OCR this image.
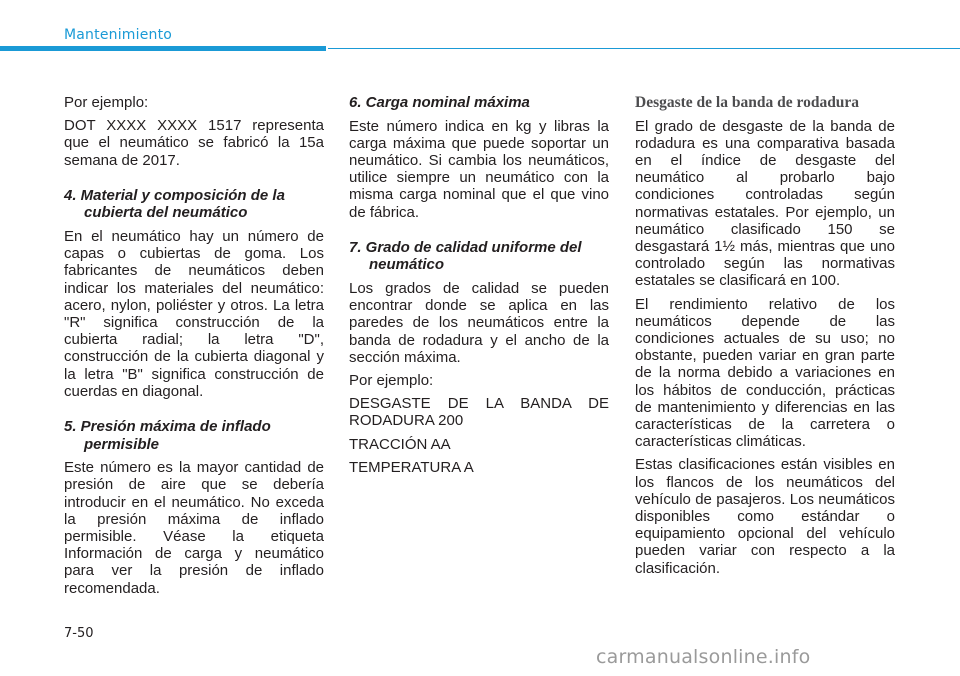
Mantenimiento

Por ejemplo:

DOT XXXX XXXX 1517 representa que el neumático se fabricó la 15a semana de 2017.

4. Material y composición de la cubierta del neumático

En el neumático hay un número de capas o cubiertas de goma. Los fabricantes de neumáticos deben indicar los materiales del neumático: acero, nylon, poliéster y otros. La letra "R" significa construcción de la cubierta radial; la letra "D", construcción de la cubierta diagonal y la letra "B" significa construcción de cuerdas en diagonal.

5. Presión máxima de inflado permisible

Este número es la mayor cantidad de presión de aire que se debería introducir en el neumático. No exceda la presión máxima de inflado permisible. Véase la etiqueta Información de carga y neumático para ver la presión de inflado recomendada.

6. Carga nominal máxima

Este número indica en kg y libras la carga máxima que puede soportar un neumático. Si cambia los neumáticos, utilice siempre un neumático con la misma carga nominal que el que vino de fábrica.

7. Grado de calidad uniforme del neumático

Los grados de calidad se pueden encontrar donde se aplica en las paredes de los neumáticos entre la banda de rodadura y el ancho de la sección máxima.

Por ejemplo:

DESGASTE DE LA BANDA DE RODADURA 200

TRACCIÓN AA

TEMPERATURA A

Desgaste de la banda de rodadura

El grado de desgaste de la banda de rodadura es una comparativa basada en el índice de desgaste del neumático al probarlo bajo condiciones controladas según normativas estatales. Por ejemplo, un neumático clasificado 150 se desgastará 1½ más, mientras que uno controlado según las normativas estatales se clasificará en 100.

El rendimiento relativo de los neumáticos depende de las condiciones actuales de su uso; no obstante, pueden variar en gran parte de la norma debido a variaciones en los hábitos de conducción, prácticas de mantenimiento y diferencias en las características de la carretera o características climáticas.

Estas clasificaciones están visibles en los flancos de los neumáticos del vehículo de pasajeros. Los neumáticos disponibles como estándar o equipamiento opcional del vehículo pueden variar con respecto a la clasificación.

7-50
carmanualsonline.info
